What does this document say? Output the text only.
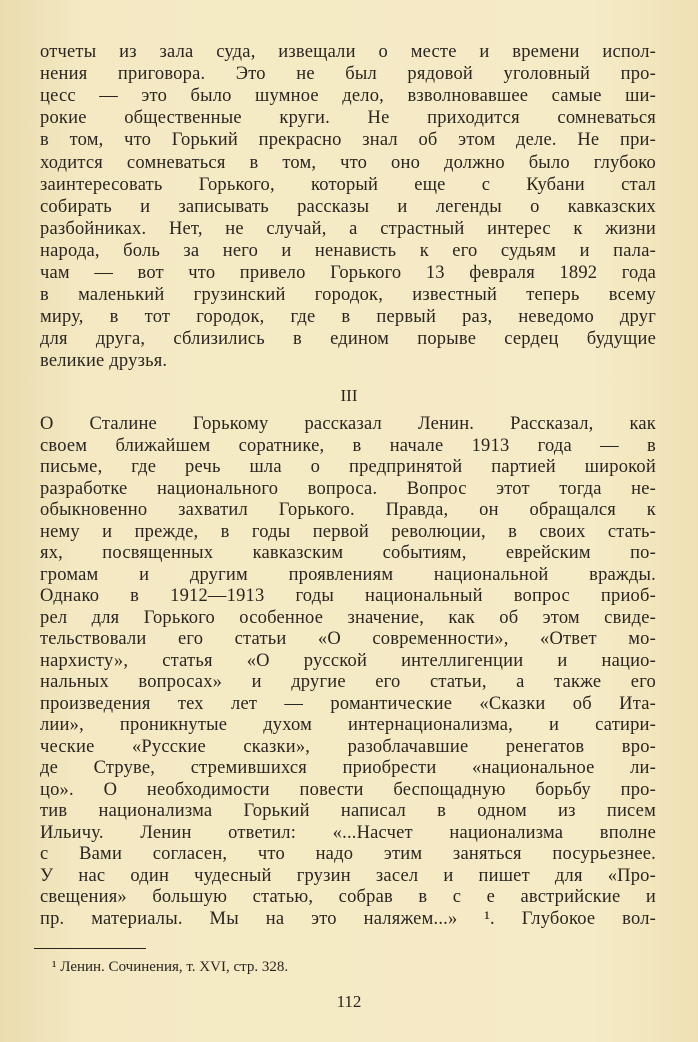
отчеты из зала суда, извещали о месте и времени испол-
нения приговора. Это не был рядовой уголовный про-
цесс — это было шумное дело, взволновавшее самые ши-
рокие общественные круги. Не приходится сомневаться
в том, что Горький прекрасно знал об этом деле. Не при-
ходится сомневаться в том, что оно должно было глубоко
заинтересовать Горького, который еще с Кубани стал
собирать и записывать рассказы и легенды о кавказских
разбойниках. Нет, не случай, а страстный интерес к жизни
народа, боль за него и ненависть к его судьям и пала-
чам — вот что привело Горького 13 февраля 1892 года
в маленький грузинский городок, известный теперь всему
миру, в тот городок, где в первый раз, неведомо друг
для друга, сблизились в едином порыве сердец будущие
великие друзья.
III
О Сталине Горькому рассказал Ленин. Рассказал, как
своем ближайшем соратнике, в начале 1913 года — в
письме, где речь шла о предпринятой партией широкой
разработке национального вопроса. Вопрос этот тогда не-
обыкновенно захватил Горького. Правда, он обращался к
нему и прежде, в годы первой революции, в своих стать-
ях, посвященных кавказским событиям, еврейским по-
громам и другим проявлениям национальной вражды.
Однако в 1912—1913 годы национальный вопрос приоб-
рел для Горького особенное значение, как об этом свиде-
тельствовали его статьи «О современности», «Ответ мо-
нархисту», статья «О русской интеллигенции и нацио-
нальных вопросах» и другие его статьи, а также его
произведения тех лет — романтические «Сказки об Ита-
лии», проникнутые духом интернационализма, и сатири-
ческие «Русские сказки», разоблачавшие ренегатов вро-
де Струве, стремившихся приобрести «национальное ли-
цо». О необходимости повести беспощадную борьбу про-
тив национализма Горький написал в одном из писем
Ильичу. Ленин ответил: «...Насчет национализма вполне
с Вами согласен, что надо этим заняться посурьезнее.
У нас один чудесный грузин засел и пишет для «Про-
свещения» большую статью, собрав в с е австрийские и
пр. материалы. Мы на это наляжем...» ¹. Глубокое вол-
¹ Ленин. Сочинения, т. XVI, стр. 328.
112
